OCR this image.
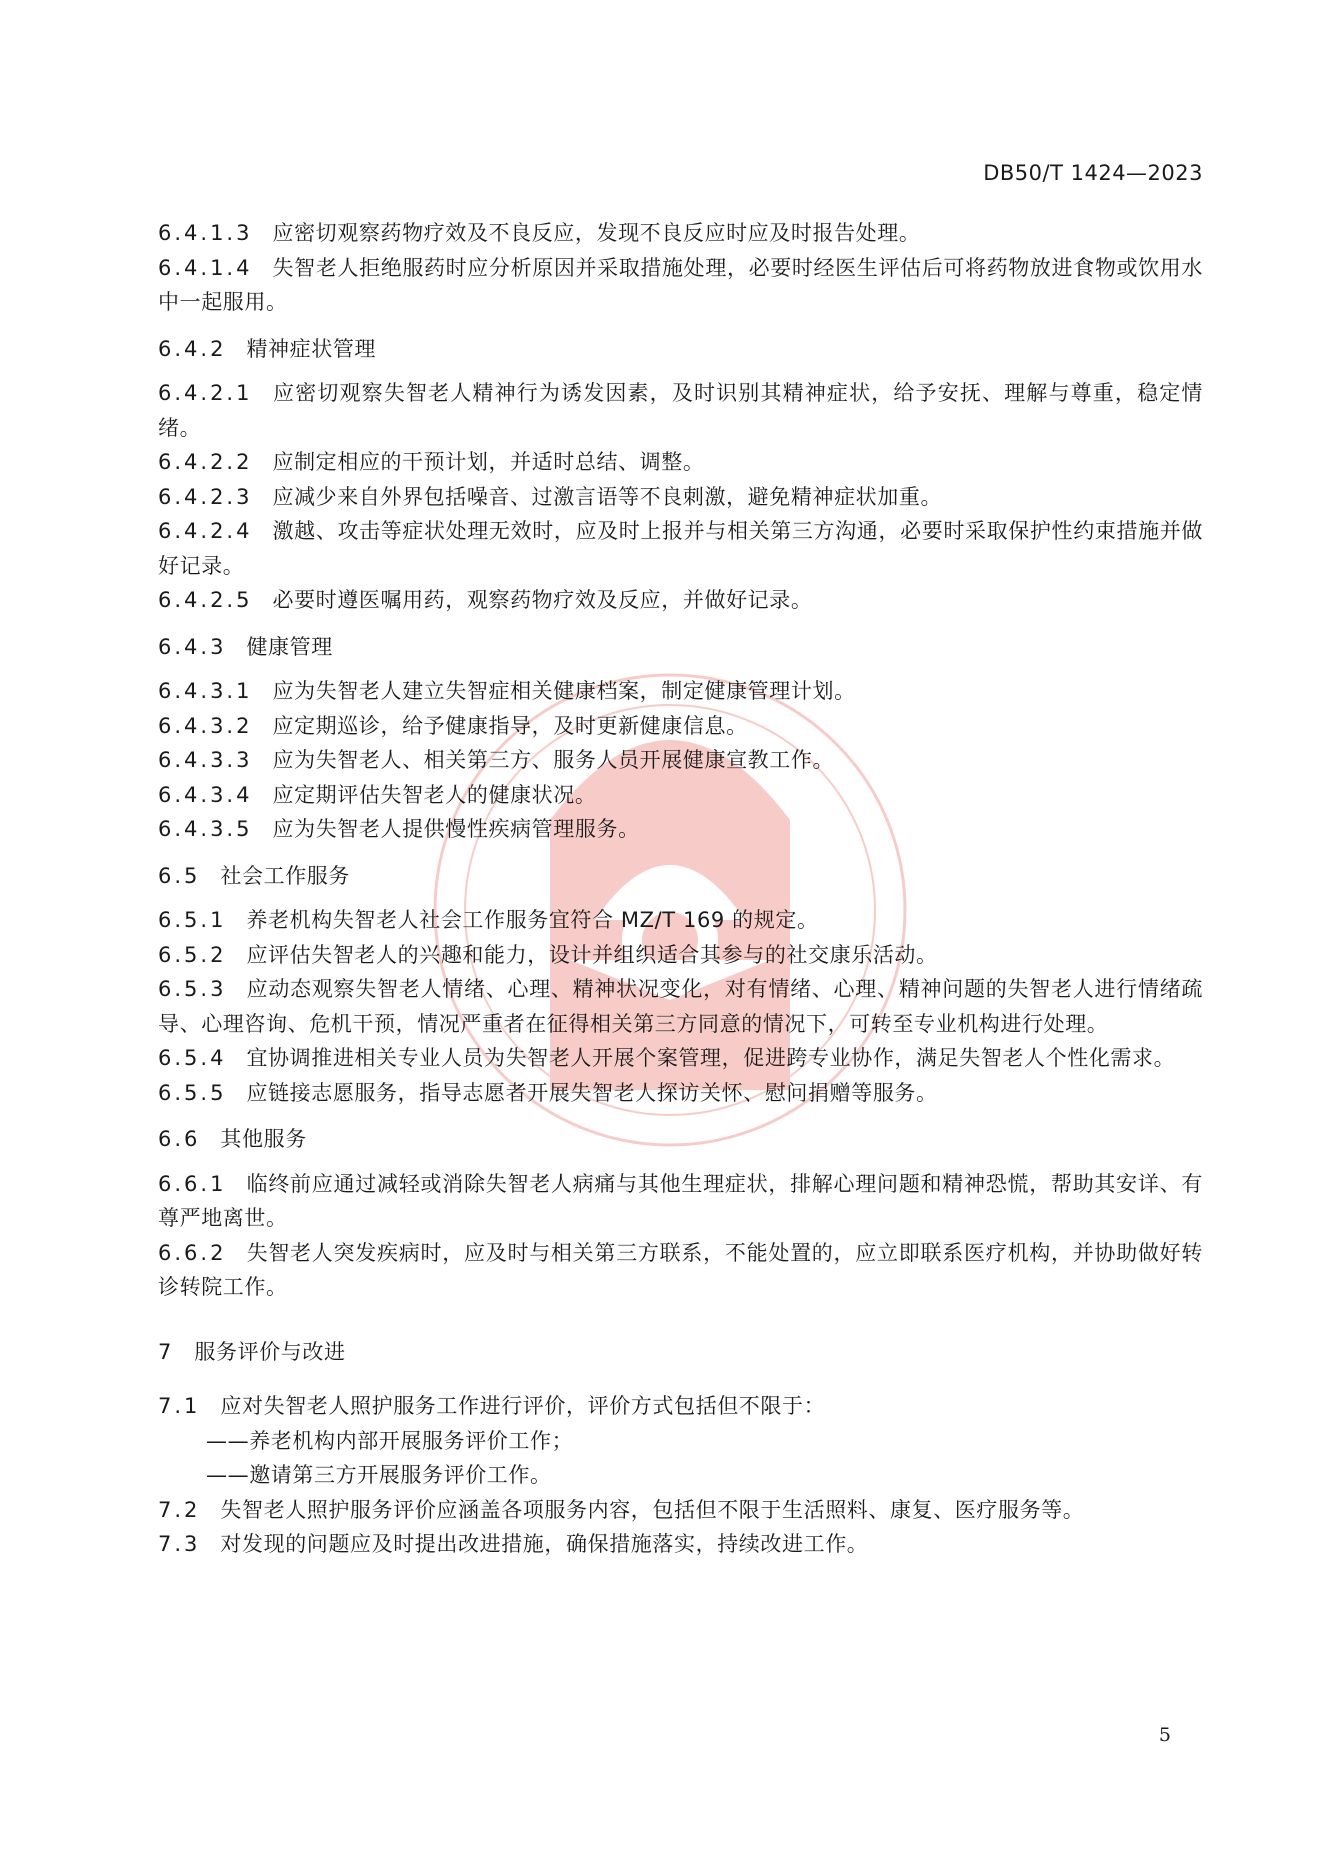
DB50/T 1424—2023

6.4.1.3 应密切观察药物疗效及不良反应，发现不良反应时应及时报告处理。

6.4.1.4 失智老人拒绝服药时应分析原因并采取措施处理，必要时经医生评估后可将药物放进食物或饮用水中一起服用。

6.4.2 精神症状管理

6.4.2.1 应密切观察失智老人精神行为诱发因素，及时识别其精神症状，给予安抚、理解与尊重，稳定情绪。

6.4.2.2 应制定相应的干预计划，并适时总结、调整。

6.4.2.3 应减少来自外界包括噪音、过激言语等不良刺激，避免精神症状加重。

6.4.2.4 激越、攻击等症状处理无效时，应及时上报并与相关第三方沟通，必要时采取保护性约束措施并做好记录。

6.4.2.5 必要时遵医嘱用药，观察药物疗效及反应，并做好记录。

6.4.3 健康管理

6.4.3.1 应为失智老人建立失智症相关健康档案，制定健康管理计划。

6.4.3.2 应定期巡诊，给予健康指导，及时更新健康信息。

6.4.3.3 应为失智老人、相关第三方、服务人员开展健康宣教工作。

6.4.3.4 应定期评估失智老人的健康状况。

6.4.3.5 应为失智老人提供慢性疾病管理服务。

6.5 社会工作服务

6.5.1 养老机构失智老人社会工作服务宜符合 MZ/T 169 的规定。

6.5.2 应评估失智老人的兴趣和能力，设计并组织适合其参与的社交康乐活动。

6.5.3 应动态观察失智老人情绪、心理、精神状况变化，对有情绪、心理、精神问题的失智老人进行情绪疏导、心理咨询、危机干预，情况严重者在征得相关第三方同意的情况下，可转至专业机构进行处理。

6.5.4 宜协调推进相关专业人员为失智老人开展个案管理，促进跨专业协作，满足失智老人个性化需求。

6.5.5 应链接志愿服务，指导志愿者开展失智老人探访关怀、慰问捐赠等服务。

6.6 其他服务

6.6.1 临终前应通过减轻或消除失智老人病痛与其他生理症状，排解心理问题和精神恐慌，帮助其安详、有尊严地离世。

6.6.2 失智老人突发疾病时，应及时与相关第三方联系，不能处置的，应立即联系医疗机构，并协助做好转诊转院工作。

7 服务评价与改进

7.1 应对失智老人照护服务工作进行评价，评价方式包括但不限于：

——养老机构内部开展服务评价工作；

——邀请第三方开展服务评价工作。

7.2 失智老人照护服务评价应涵盖各项服务内容，包括但不限于生活照料、康复、医疗服务等。

7.3 对发现的问题应及时提出改进措施，确保措施落实，持续改进工作。

5
